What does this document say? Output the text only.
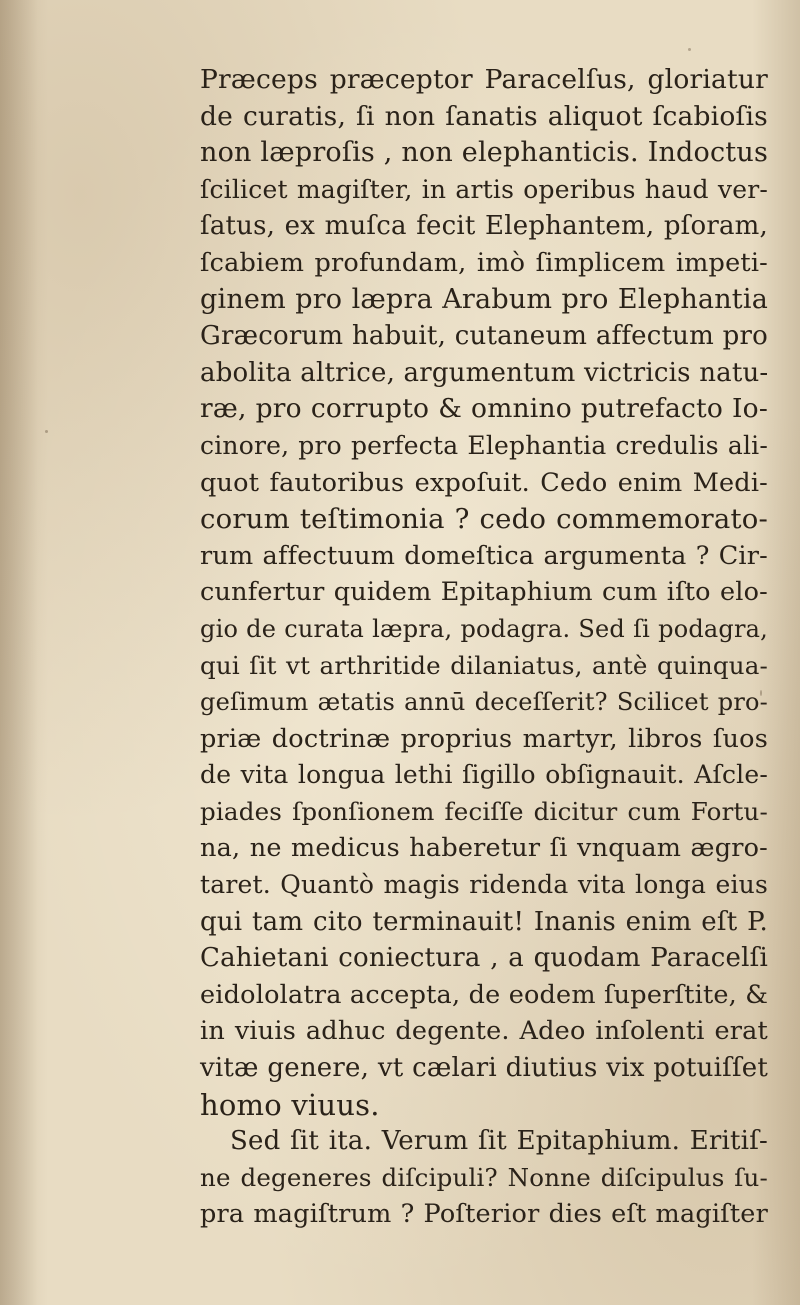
Præceps præceptor Paracelſus, gloriatur
de curatis, ſi non ſanatis aliquot ſcabioſis
non læproſis , non elephanticis. Indoctus
ſcilicet magiſter, in artis operibus haud ver-
ſatus, ex muſca fecit Elephantem, pſoram,
ſcabiem profundam, imò ſimplicem impeti-
ginem pro læpra Arabum pro Elephantia
Græcorum habuit, cutaneum affectum pro
abolita altrice, argumentum victricis natu-
ræ, pro corrupto & omnino putrefacto Io-
cinore, pro perfecta Elephantia credulis ali-
quot fautoribus expoſuit. Cedo enim Medi-
corum teſtimonia ? cedo commemorato-
rum affectuum domeſtica argumenta ? Cir-
cunfertur quidem Epitaphium cum iſto elo-
gio de curata læpra, podagra. Sed ſi podagra,
qui ſit vt arthritide dilaniatus, antè quinqua-
geſimum ætatis annū deceſſerit? Scilicet pro-
priæ doctrinæ proprius martyr, libros ſuos
de vita longua lethi ſigillo obſignauit. Aſcle-
piades ſponſionem feciſſe dicitur cum Fortu-
na, ne medicus haberetur ſi vnquam ægro-
taret. Quantò magis ridenda vita longa eius
qui tam cito terminauit! Inanis enim eſt P.
Cahietani coniectura , a quodam Paracelſi
eidololatra accepta, de eodem ſuperſtite, &
in viuis adhuc degente. Adeo inſolenti erat
vitæ genere, vt cælari diutius vix potuiſſet
homo viuus.
Sed ſit ita. Verum ſit Epitaphium. Eritiſ-
ne degeneres diſcipuli? Nonne diſcipulus ſu-
pra magiſtrum ? Poſterior dies eſt magiſter
